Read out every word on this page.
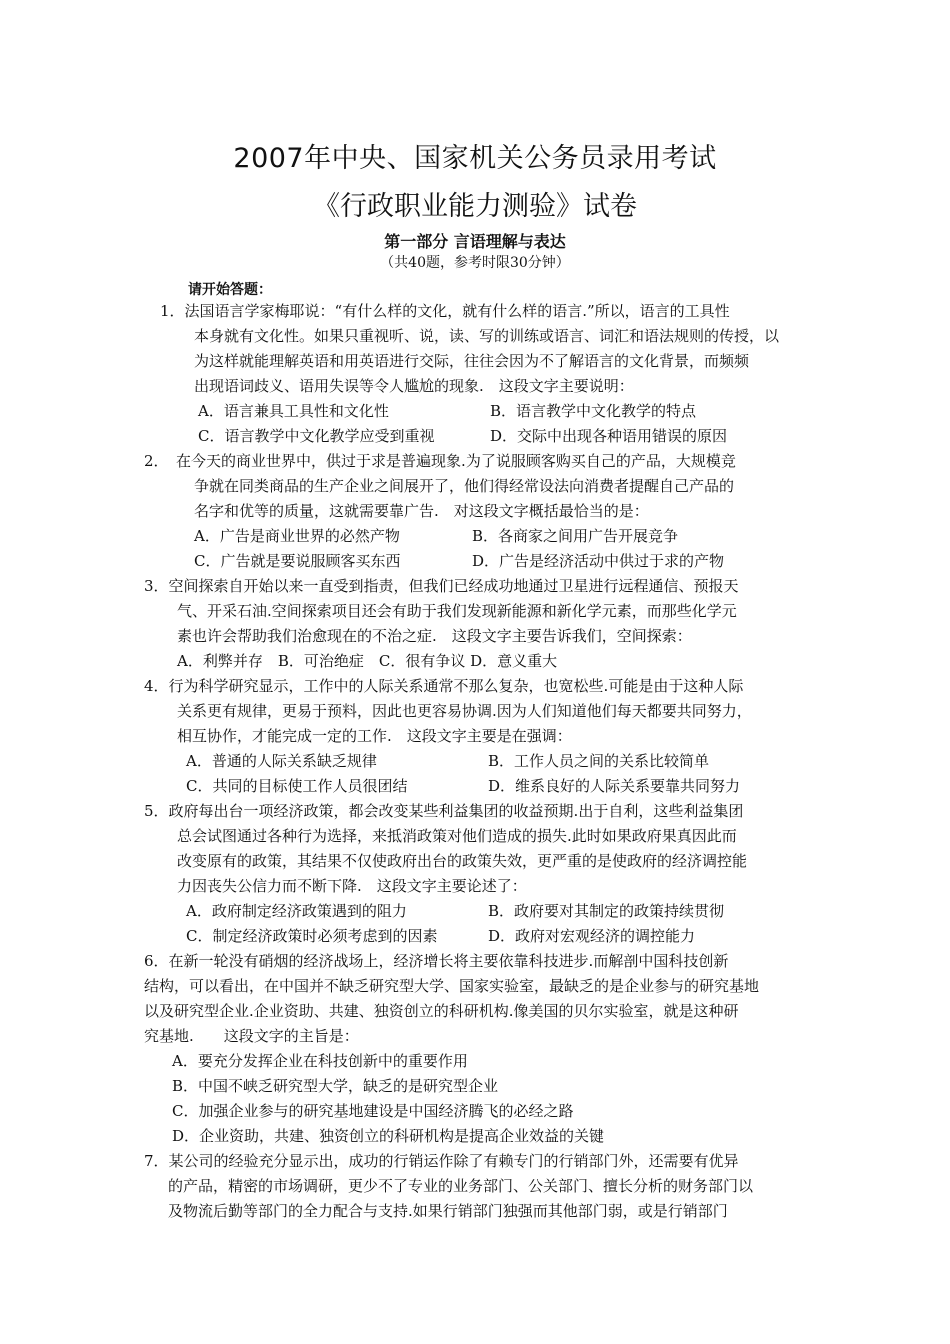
2007年中央、国家机关公务员录用考试
《行政职业能力测验》试卷
第一部分 言语理解与表达
（共40题，参考时限30分钟）
请开始答题：
1．法国语言学家梅耶说：“有什么样的文化，就有什么样的语言.”所以，语言的工具性
本身就有文化性。如果只重视听、说，读、写的训练或语言、词汇和语法规则的传授，以
为这样就能理解英语和用英语进行交际，往往会因为不了解语言的文化背景，而频频
出现语词歧义、语用失误等令人尴尬的现象.　这段文字主要说明：
A．语言兼具工具性和文化性	B．语言教学中文化教学的特点
C．语言教学中文化教学应受到重视	D．交际中出现各种语用错误的原因
2．　在今天的商业世界中，供过于求是普遍现象.为了说服顾客购买自己的产品，大规模竞
争就在同类商品的生产企业之间展开了，他们得经常设法向消费者提醒自己产品的
名字和优等的质量，这就需要靠广告.　对这段文字概括最恰当的是：
A．广告是商业世界的必然产物	B．各商家之间用广告开展竞争
C．广告就是要说服顾客买东西	D．广告是经济活动中供过于求的产物
3．空间探索自开始以来一直受到指责，但我们已经成功地通过卫星进行远程通信、预报天
气、开采石油.空间探索项目还会有助于我们发现新能源和新化学元素，而那些化学元
素也许会帮助我们治愈现在的不治之症.　这段文字主要告诉我们，空间探索：
A．利弊并存　B．可治绝症　C．很有争议 D．意义重大
4．行为科学研究显示，工作中的人际关系通常不那么复杂，也宽松些.可能是由于这种人际
关系更有规律，更易于预料，因此也更容易协调.因为人们知道他们每天都要共同努力，
相互协作，才能完成一定的工作.　这段文字主要是在强调：
A．普通的人际关系缺乏规律	B．工作人员之间的关系比较简单
C．共同的目标使工作人员很团结	D．维系良好的人际关系要靠共同努力
5．政府每出台一项经济政策，都会改变某些利益集团的收益预期.出于自利，这些利益集团
总会试图通过各种行为选择，来抵消政策对他们造成的损失.此时如果政府果真因此而
改变原有的政策，其结果不仅使政府出台的政策失效，更严重的是使政府的经济调控能
力因丧失公信力而不断下降.　这段文字主要论述了：
A．政府制定经济政策遇到的阻力	B．政府要对其制定的政策持续贯彻
C．制定经济政策时必须考虑到的因素	D．政府对宏观经济的调控能力
6．在新一轮没有硝烟的经济战场上，经济增长将主要依靠科技进步.而解剖中国科技创新
结构，可以看出，在中国并不缺乏研究型大学、国家实验室，最缺乏的是企业参与的研究基地
以及研究型企业.企业资助、共建、独资创立的科研机构.像美国的贝尔实验室，就是这种研
究基地.　　这段文字的主旨是：
A．要充分发挥企业在科技创新中的重要作用
B．中国不峡乏研究型大学，缺乏的是研究型企业
C．加强企业参与的研究基地建设是中国经济腾飞的必经之路
D．企业资助，共建、独资创立的科研机构是提高企业效益的关键
7．某公司的经验充分显示出，成功的行销运作除了有赖专门的行销部门外，还需要有优异
的产品，精密的市场调研，更少不了专业的业务部门、公关部门、擅长分析的财务部门以
及物流后勤等部门的全力配合与支持.如果行销部门独强而其他部门弱，或是行销部门
